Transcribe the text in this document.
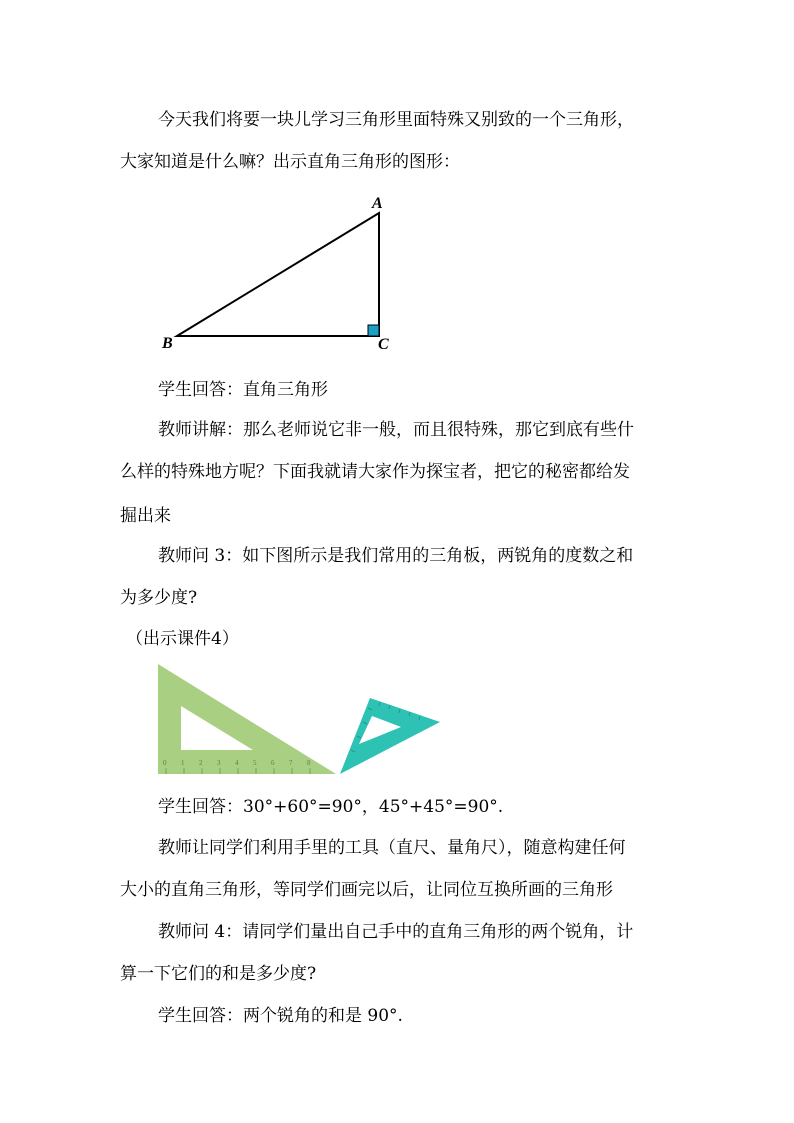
今天我们将要一块儿学习三角形里面特殊又别致的一个三角形，
大家知道是什么嘛？出示直角三角形的图形：
A
B	C
学生回答：直角三角形
教师讲解：那么老师说它非一般，而且很特殊，那它到底有些什
么样的特殊地方呢？下面我就请大家作为探宝者，把它的秘密都给发
掘出来
教师问 3：如下图所示是我们常用的三角板，两锐角的度数之和
为多少度?
（出示课件4）
0 1 2 3 4 5 6 7 8
学生回答：30°+60°=90°，45°+45°=90°.
教师让同学们利用手里的工具（直尺、量角尺），随意构建任何
大小的直角三角形，等同学们画完以后，让同位互换所画的三角形
教师问 4：请同学们量出自己手中的直角三角形的两个锐角，计
算一下它们的和是多少度?
学生回答：两个锐角的和是 90°.
